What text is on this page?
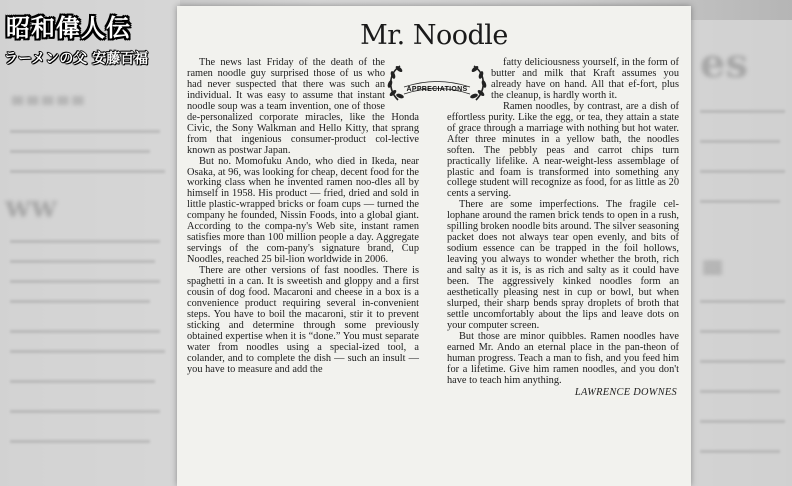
≡≡≡≡≡
es
ww
≡
昭和偉人伝
ラーメンの父 安藤百福
Mr. Noodle
APPRECIATIONS

The news last Friday of the death of the ramen noodle guy surprised those of us who had never suspected that there was such an individual. It was easy to assume that instant noodle soup was a team invention, one of those de-personalized corporate miracles, like the Honda Civic, the Sony Walkman and Hello Kitty, that sprang from that ingenious consumer-product col-lective known as postwar Japan.

But no. Momofuku Ando, who died in Ikeda, near Osaka, at 96, was looking for cheap, decent food for the working class when he invented ramen noo-dles all by himself in 1958. His product — fried, dried and sold in little plastic-wrapped bricks or foam cups — turned the company he founded, Nissin Foods, into a global giant. According to the compa-ny's Web site, instant ramen satisfies more than 100 million people a day. Aggregate servings of the com-pany's signature brand, Cup Noodles, reached 25 bil-lion worldwide in 2006.

There are other versions of fast noodles. There is spaghetti in a can. It is sweetish and gloppy and a first cousin of dog food. Macaroni and cheese in a box is a convenience product requiring several in-convenient steps. You have to boil the macaroni, stir it to prevent sticking and determine through some previously obtained expertise when it is “done.” You must separate water from noodles using a special-ized tool, a colander, and to complete the dish — such an insult — you have to measure and add the

fatty deliciousness yourself, in the form of butter and milk that Kraft assumes you already have on hand. All that ef-fort, plus the cleanup, is hardly worth it.

Ramen noodles, by contrast, are a dish of effortless purity. Like the egg, or tea, they attain a state of grace through a marriage with nothing but hot water. After three minutes in a yellow bath, the noodles soften. The pebbly peas and carrot chips turn practically lifelike. A near-weight-less assemblage of plastic and foam is transformed into something any college student will recognize as food, for as little as 20 cents a serving.

There are some imperfections. The fragile cel-lophane around the ramen brick tends to open in a rush, spilling broken noodle bits around. The silver seasoning packet does not always tear open evenly, and bits of sodium essence can be trapped in the foil hollows, leaving you always to wonder whether the broth, rich and salty as it is, is as rich and salty as it could have been. The aggressively kinked noodles form an aesthetically pleasing nest in cup or bowl, but when slurped, their sharp bends spray droplets of broth that settle uncomfortably about the lips and leave dots on your computer screen.

But those are minor quibbles. Ramen noodles have earned Mr. Ando an eternal place in the pan-theon of human progress. Teach a man to fish, and you feed him for a lifetime. Give him ramen noodles, and you don't have to teach him anything.

LAWRENCE DOWNES
